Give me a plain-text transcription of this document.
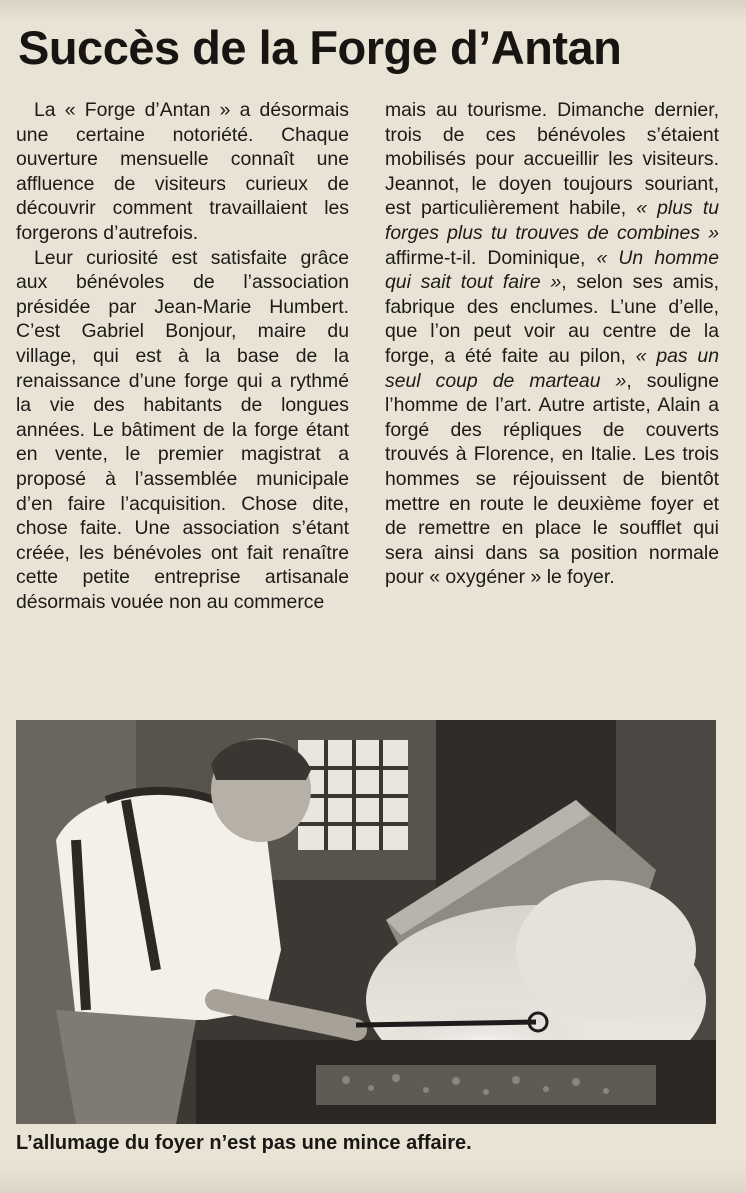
Succès de la Forge d’Antan

La « Forge d’Antan » a désormais une certaine notoriété. Chaque ouverture mensuelle connaît une affluence de visiteurs curieux de découvrir comment travaillaient les forgerons d’autrefois.

Leur curiosité est satisfaite grâce aux bénévoles de l’association présidée par Jean-Marie Humbert. C’est Gabriel Bonjour, maire du village, qui est à la base de la renaissance d’une forge qui a rythmé la vie des habitants de longues années. Le bâtiment de la forge étant en vente, le premier magistrat a proposé à l’assemblée municipale d’en faire l’acquisition. Chose dite, chose faite. Une association s’étant créée, les bénévoles ont fait renaître cette petite entreprise artisanale désormais vouée non au commerce

mais au tourisme. Dimanche dernier, trois de ces bénévoles s’étaient mobilisés pour accueillir les visiteurs. Jeannot, le doyen toujours souriant, est particulièrement habile, « plus tu forges plus tu trouves de combines » affirme-t-il. Dominique, « Un homme qui sait tout faire », selon ses amis, fabrique des enclumes. L’une d’elle, que l’on peut voir au centre de la forge, a été faite au pilon, « pas un seul coup de marteau », souligne l’homme de l’art. Autre artiste, Alain a forgé des répliques de couverts trouvés à Florence, en Italie. Les trois hommes se réjouissent de bientôt mettre en route le deuxième foyer et de remettre en place le soufflet qui sera ainsi dans sa position normale pour « oxygéner » le foyer.

L’allumage du foyer n’est pas une mince affaire.
